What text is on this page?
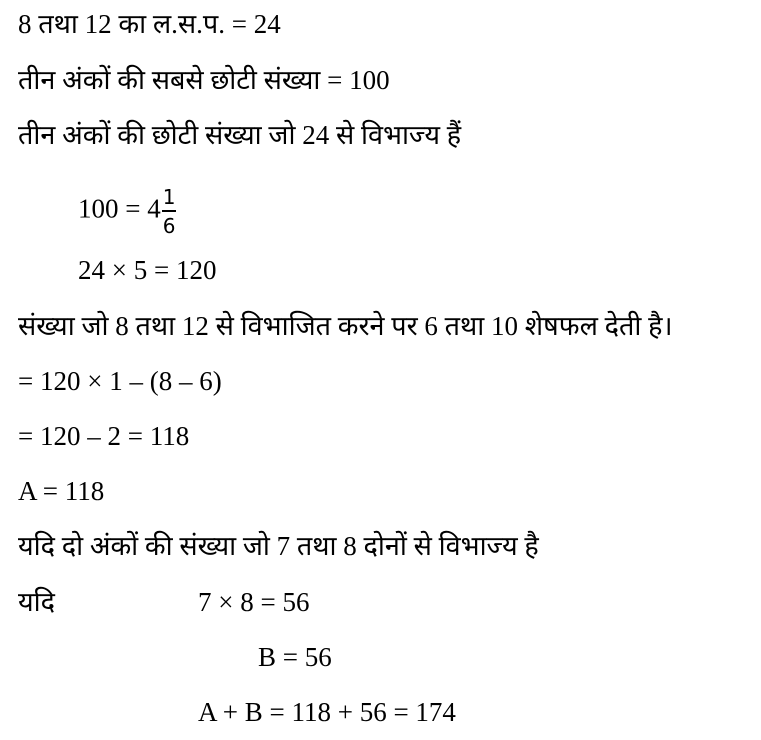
8 तथा 12 का ल.स.प. = 24
तीन अंकों की सबसे छोटी संख्या = 100
तीन अंकों की छोटी संख्या जो 24 से विभाज्य हैं
$100 = 4 \frac{1}{6}$
24 × 5 = 120
संख्या जो 8 तथा 12 से विभाजित करने पर 6 तथा 10 शेषफल देती है।
= 120 × 1 – (8 – 6)
= 120 – 2 = 118
A = 118
यदि दो अंकों की संख्या जो 7 तथा 8 दोनों से विभाज्य है
यदि	7 × 8 = 56
B = 56
A + B = 118 + 56 = 174
